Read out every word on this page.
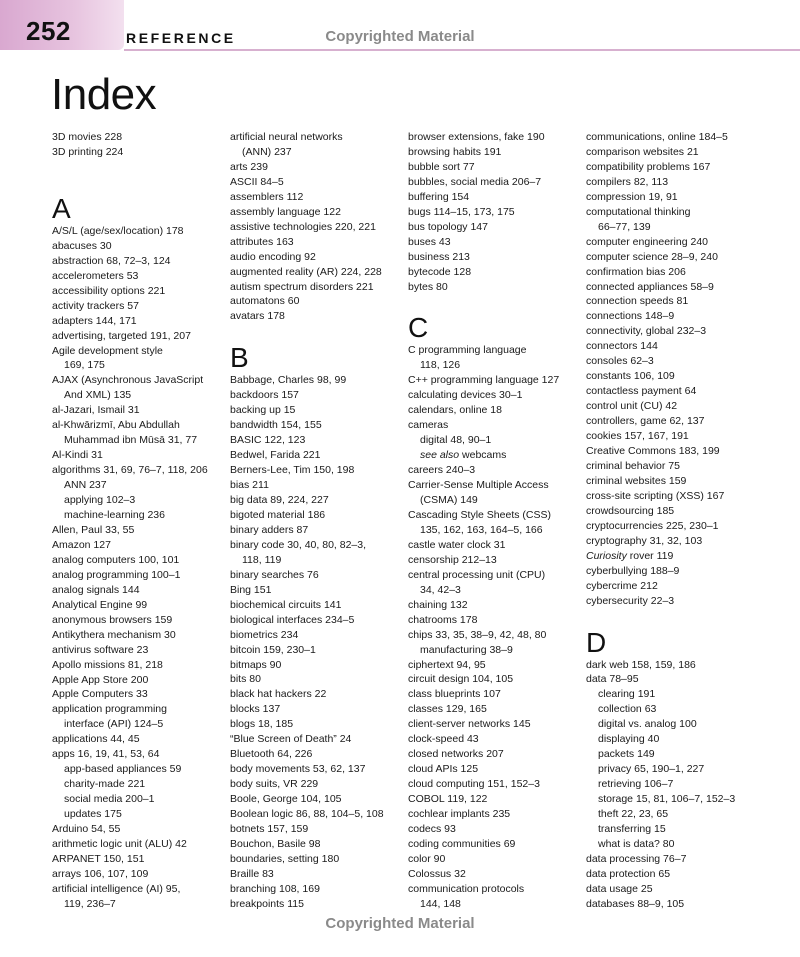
252	REFERENCE	Copyrighted Material
Index
3D movies 228
3D printing 224
A
A/S/L (age/sex/location) 178
abacuses 30
abstraction 68, 72–3, 124
accelerometers 53
accessibility options 221
activity trackers 57
adapters 144, 171
advertising, targeted 191, 207
Agile development style
169, 175
AJAX (Asynchronous JavaScript
And XML) 135
al-Jazari, Ismail 31
al-Khwārizmī, Abu Abdullah
Muhammad ibn Mūsā 31, 77
Al-Kindi 31
algorithms 31, 69, 76–7, 118, 206
ANN 237
applying 102–3
machine-learning 236
Allen, Paul 33, 55
Amazon 127
analog computers 100, 101
analog programming 100–1
analog signals 144
Analytical Engine 99
anonymous browsers 159
Antikythera mechanism 30
antivirus software 23
Apollo missions 81, 218
Apple App Store 200
Apple Computers 33
application programming
interface (API) 124–5
applications 44, 45
apps 16, 19, 41, 53, 64
app-based appliances 59
charity-made 221
social media 200–1
updates 175
Arduino 54, 55
arithmetic logic unit (ALU) 42
ARPANET 150, 151
arrays 106, 107, 109
artificial intelligence (AI) 95,
119, 236–7
artificial neural networks
(ANN) 237
arts 239
ASCII 84–5
assemblers 112
assembly language 122
assistive technologies 220, 221
attributes 163
audio encoding 92
augmented reality (AR) 224, 228
autism spectrum disorders 221
automatons 60
avatars 178
B
Babbage, Charles 98, 99
backdoors 157
backing up 15
bandwidth 154, 155
BASIC 122, 123
Bedwel, Farida 221
Berners-Lee, Tim 150, 198
bias 211
big data 89, 224, 227
bigoted material 186
binary adders 87
binary code 30, 40, 80, 82–3,
118, 119
binary searches 76
Bing 151
biochemical circuits 141
biological interfaces 234–5
biometrics 234
bitcoin 159, 230–1
bitmaps 90
bits 80
black hat hackers 22
blocks 137
blogs 18, 185
“Blue Screen of Death” 24
Bluetooth 64, 226
body movements 53, 62, 137
body suits, VR 229
Boole, George 104, 105
Boolean logic 86, 88, 104–5, 108
botnets 157, 159
Bouchon, Basile 98
boundaries, setting 180
Braille 83
branching 108, 169
breakpoints 115
browser extensions, fake 190
browsing habits 191
bubble sort 77
bubbles, social media 206–7
buffering 154
bugs 114–15, 173, 175
bus topology 147
buses 43
business 213
bytecode 128
bytes 80
C
C programming language
118, 126
C++ programming language 127
calculating devices 30–1
calendars, online 18
cameras
digital 48, 90–1
see also webcams
careers 240–3
Carrier-Sense Multiple Access
(CSMA) 149
Cascading Style Sheets (CSS)
135, 162, 163, 164–5, 166
castle water clock 31
censorship 212–13
central processing unit (CPU)
34, 42–3
chaining 132
chatrooms 178
chips 33, 35, 38–9, 42, 48, 80
manufacturing 38–9
ciphertext 94, 95
circuit design 104, 105
class blueprints 107
classes 129, 165
client-server networks 145
clock-speed 43
closed networks 207
cloud APIs 125
cloud computing 151, 152–3
COBOL 119, 122
cochlear implants 235
codecs 93
coding communities 69
color 90
Colossus 32
communication protocols
144, 148
communications, online 184–5
comparison websites 21
compatibility problems 167
compilers 82, 113
compression 19, 91
computational thinking
66–77, 139
computer engineering 240
computer science 28–9, 240
confirmation bias 206
connected appliances 58–9
connection speeds 81
connections 148–9
connectivity, global 232–3
connectors 144
consoles 62–3
constants 106, 109
contactless payment 64
control unit (CU) 42
controllers, game 62, 137
cookies 157, 167, 191
Creative Commons 183, 199
criminal behavior 75
criminal websites 159
cross-site scripting (XSS) 167
crowdsourcing 185
cryptocurrencies 225, 230–1
cryptography 31, 32, 103
Curiosity rover 119
cyberbullying 188–9
cybercrime 212
cybersecurity 22–3
D
dark web 158, 159, 186
data 78–95
clearing 191
collection 63
digital vs. analog 100
displaying 40
packets 149
privacy 65, 190–1, 227
retrieving 106–7
storage 15, 81, 106–7, 152–3
theft 22, 23, 65
transferring 15
what is data? 80
data processing 76–7
data protection 65
data usage 25
databases 88–9, 105
Copyrighted Material
